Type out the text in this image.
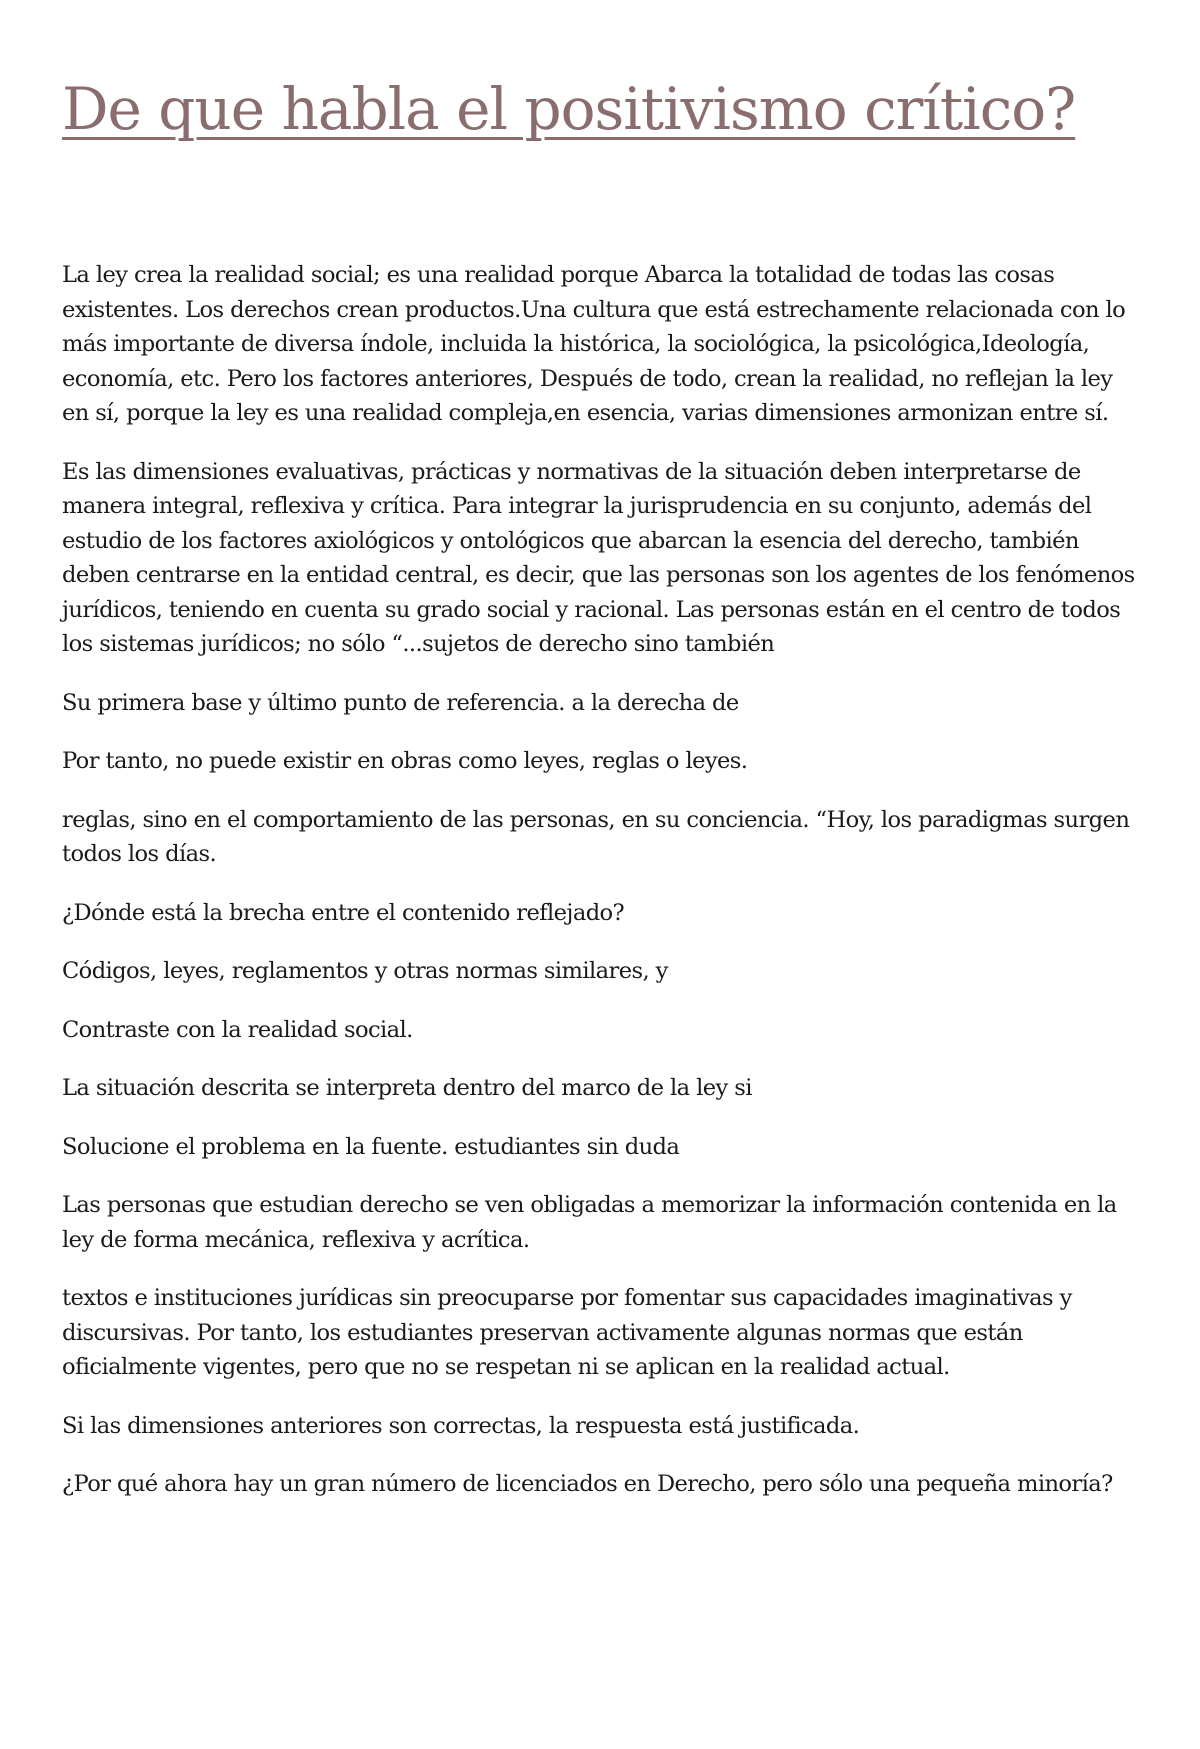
De que habla el positivismo crítico?

La ley crea la realidad social; es una realidad porque Abarca la totalidad de todas las cosas existentes. Los derechos crean productos.Una cultura que está estrechamente relacionada con lo más importante de diversa índole, incluida la histórica, la sociológica, la psicológica,Ideología, economía, etc. Pero los factores anteriores, Después de todo, crean la realidad, no reflejan la ley en sí, porque la ley es una realidad compleja,en esencia, varias dimensiones armonizan entre sí.

Es las dimensiones evaluativas, prácticas y normativas de la situación deben interpretarse de manera integral, reflexiva y crítica. Para integrar la jurisprudencia en su conjunto, además del estudio de los factores axiológicos y ontológicos que abarcan la esencia del derecho, también deben centrarse en la entidad central, es decir, que las personas son los agentes de los fenómenos jurídicos, teniendo en cuenta su grado social y racional. Las personas están en el centro de todos los sistemas jurídicos; no sólo “...sujetos de derecho sino también

Su primera base y último punto de referencia. a la derecha de

Por tanto, no puede existir en obras como leyes, reglas o leyes.

reglas, sino en el comportamiento de las personas, en su conciencia. “Hoy, los paradigmas surgen todos los días.

¿Dónde está la brecha entre el contenido reflejado?

Códigos, leyes, reglamentos y otras normas similares, y

Contraste con la realidad social.

La situación descrita se interpreta dentro del marco de la ley si

Solucione el problema en la fuente. estudiantes sin duda

Las personas que estudian derecho se ven obligadas a memorizar la información contenida en la ley de forma mecánica, reflexiva y acrítica.

textos e instituciones jurídicas sin preocuparse por fomentar sus capacidades imaginativas y discursivas. Por tanto, los estudiantes preservan activamente algunas normas que están oficialmente vigentes, pero que no se respetan ni se aplican en la realidad actual.

Si las dimensiones anteriores son correctas, la respuesta está justificada.

¿Por qué ahora hay un gran número de licenciados en Derecho, pero sólo una pequeña minoría?
